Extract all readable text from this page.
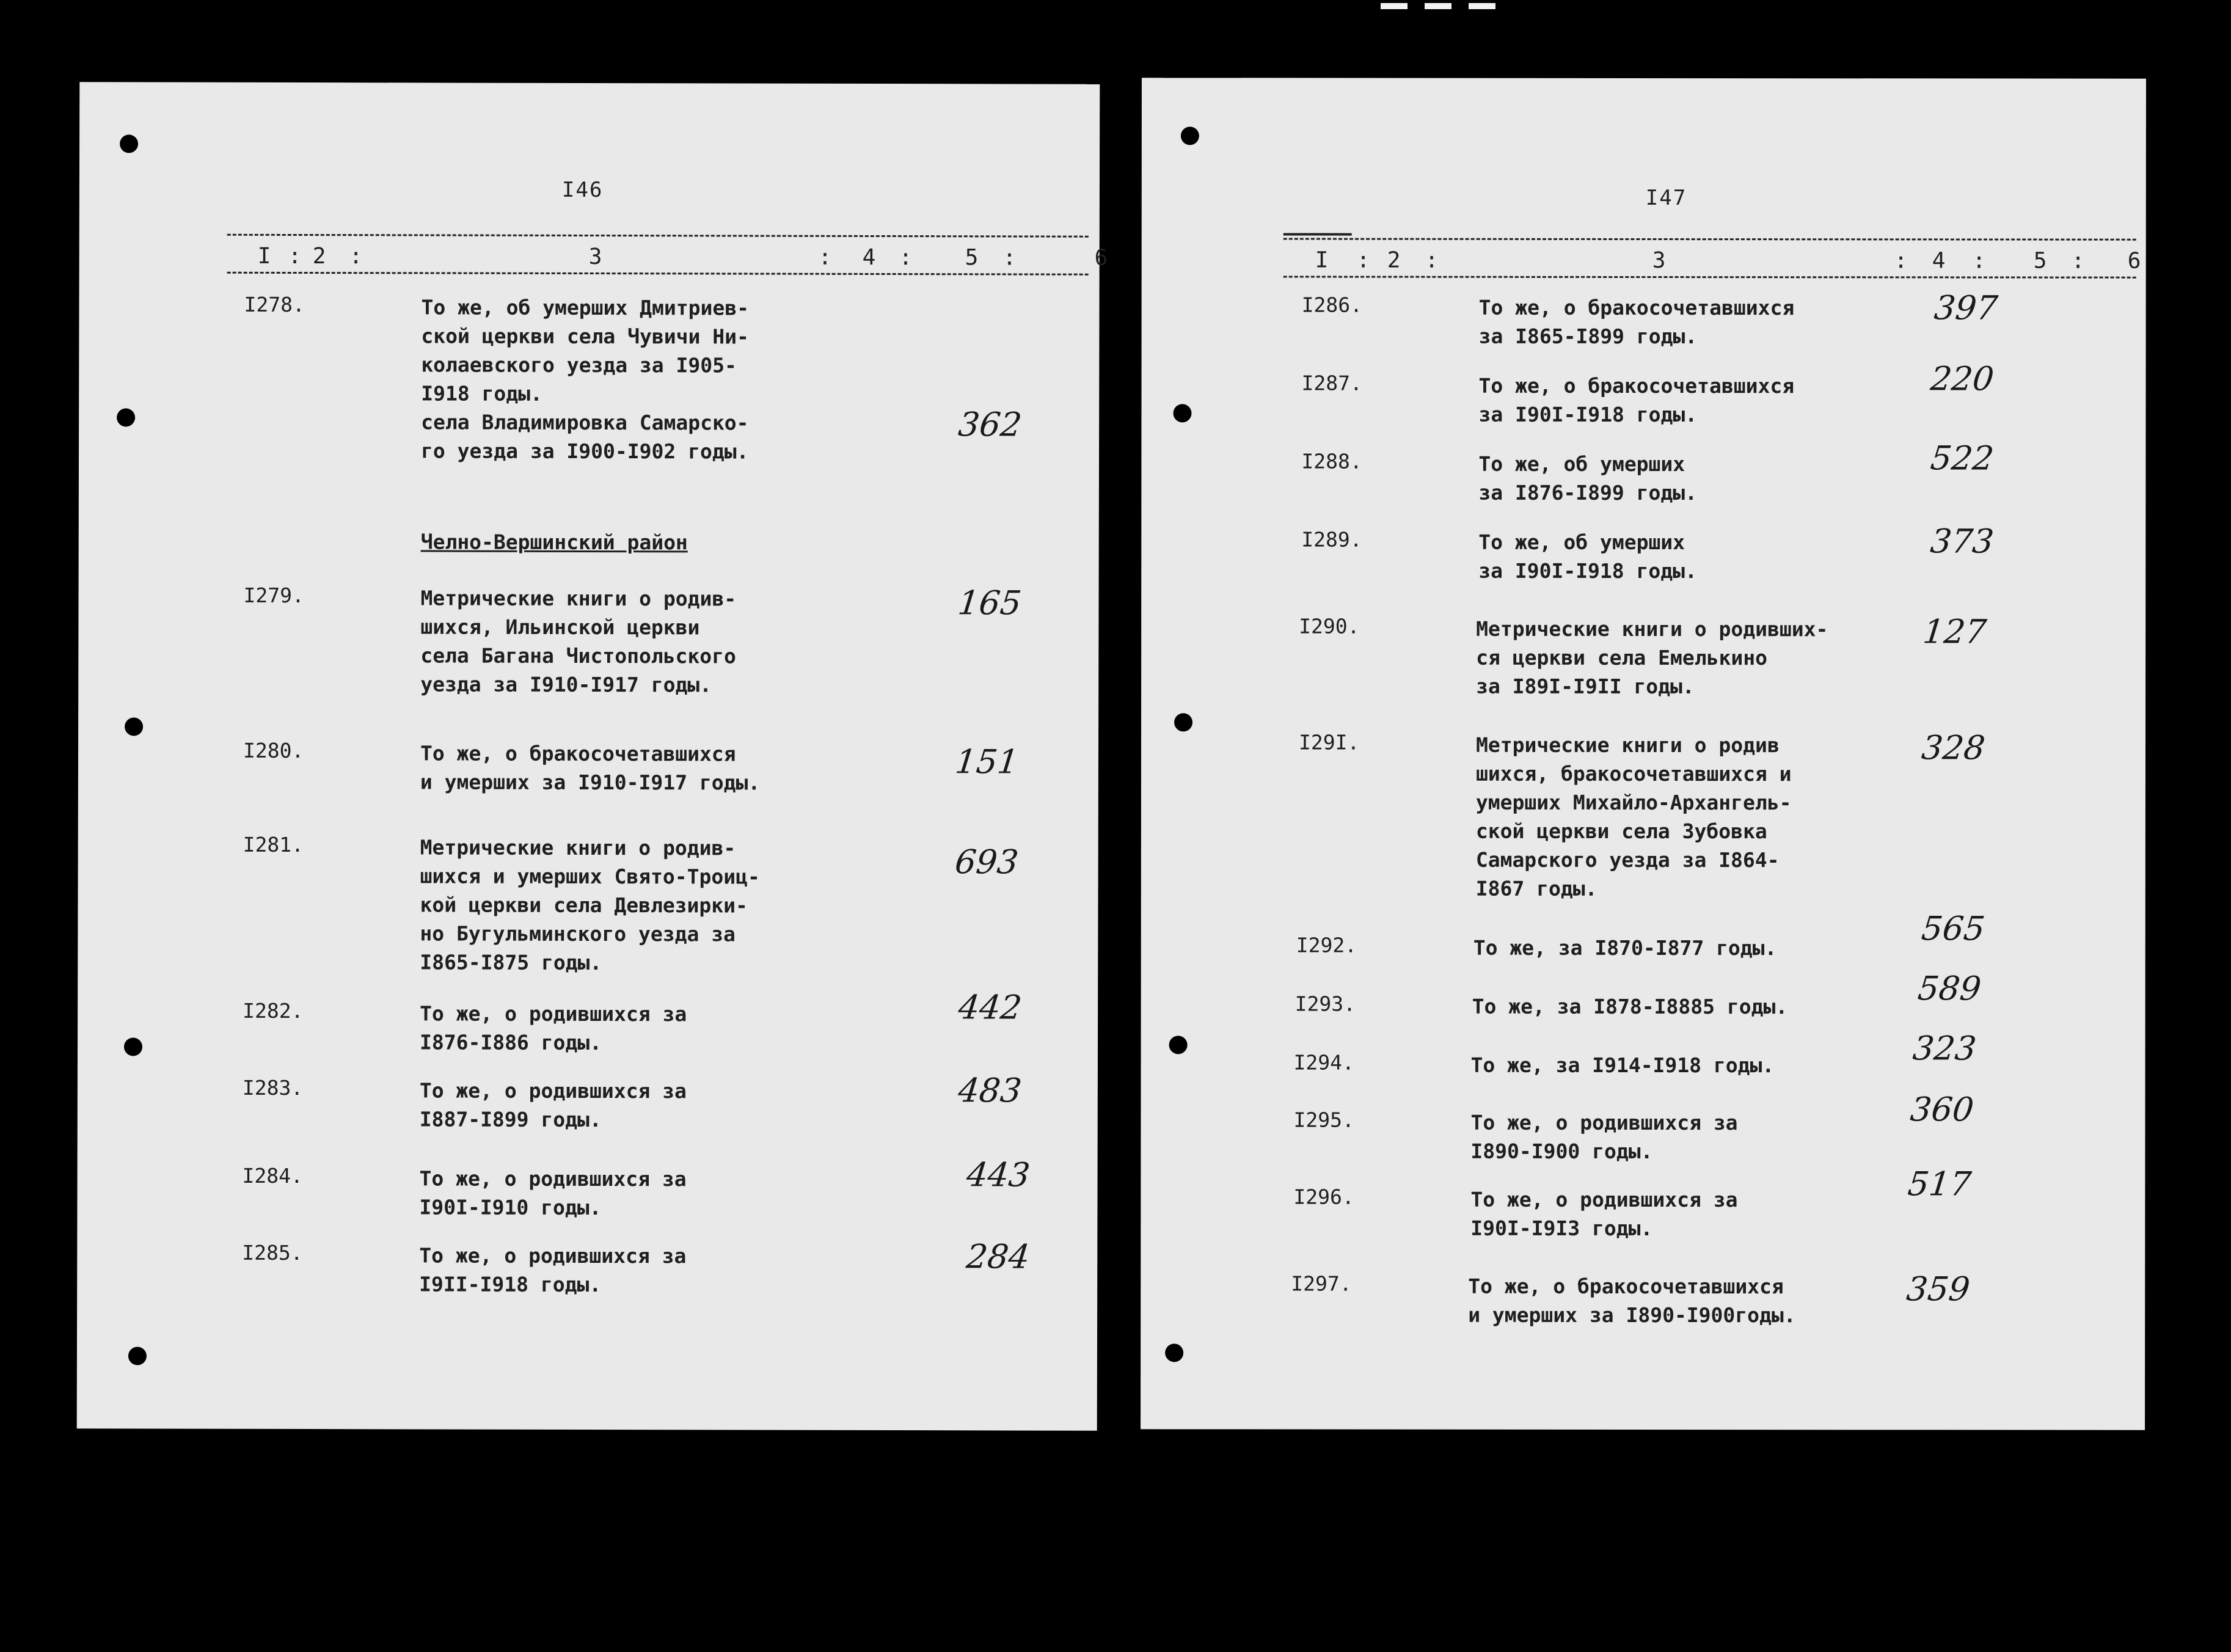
I46
I : 2 :	3	: 4 : 5 :	6
I278.	То же, об умерших Дмитриев-
ской церкви села Чувичи Ни-
колаевского уезда за I905-
I918 годы.
села Владимировка Самарско-
го уезда за I900-I902 годы.
362
Челно-Вершинский район
I279.	Метрические книги о родив-
шихся, Ильинской церкви
села Багана Чистопольского
уезда за I910-I917 годы.
165
I280.	То же, о бракосочетавшихся
и умерших за I910-I917 годы.
151
I281.	Метрические книги о родив-
шихся и умерших Свято-Троиц-
кой церкви села Девлезирки-
но Бугульминского уезда за
I865-I875 годы.
693
I282.	То же, о родившихся за
I876-I886 годы.
442
I283.	То же, о родившихся за
I887-I899 годы.
483
I284.	То же, о родившихся за
I90I-I910 годы.
443
I285.	То же, о родившихся за
I9II-I918 годы.
284
I47
I : 2 :	3	: 4 : 5 : 6
I286.	То же, о бракосочетавшихся
за I865-I899 годы.
397
I287.	То же, о бракосочетавшихся
за I90I-I918 годы.
220
I288.	То же, об умерших
за I876-I899 годы.
522
I289.	То же, об умерших
за I90I-I918 годы.
373
I290.	Метрические книги о родивших-
ся церкви села Емелькино
за I89I-I9II годы.
127
I29I.	Метрические книги о родив
шихся, бракосочетавшихся и
умерших Михайло-Архангель-
ской церкви села Зубовка
Самарского уезда за I864-
I867 годы.
328
I292.	То же, за I870-I877 годы.	565
I293.	То же, за I878-I8885 годы.	589
I294.	То же, за I914-I918 годы.	323
I295.	То же, о родившихся за
I890-I900 годы.
360
I296.	То же, о родившихся за
I90I-I9I3 годы.
517
I297.	То же, о бракосочетавшихся
и умерших за I890-I900годы.
359
